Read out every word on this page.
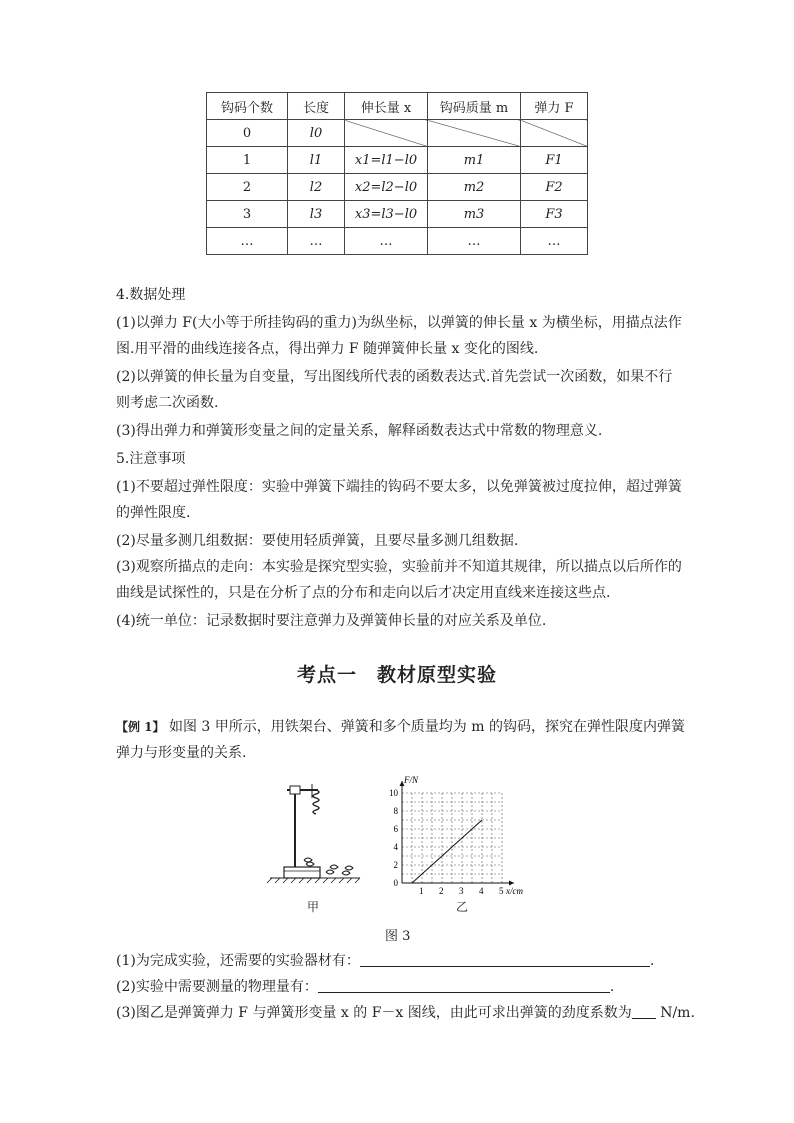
钩码个数	长度	伸长量 x	钩码质量 m	弹力 F
0	l0			
1	l1	x1=l1−l0	m1	F1
2	l2	x2=l2−l0	m2	F2
3	l3	x3=l3−l0	m3	F3
…	…	…	…	…
4.数据处理
(1)以弹力 F(大小等于所挂钩码的重力)为纵坐标，以弹簧的伸长量 x 为横坐标，用描点法作图.用平滑的曲线连接各点，得出弹力 F 随弹簧伸长量 x 变化的图线.
(2)以弹簧的伸长量为自变量，写出图线所代表的函数表达式.首先尝试一次函数，如果不行则考虑二次函数.
(3)得出弹力和弹簧形变量之间的定量关系，解释函数表达式中常数的物理意义.
5.注意事项
(1)不要超过弹性限度：实验中弹簧下端挂的钩码不要太多，以免弹簧被过度拉伸，超过弹簧的弹性限度.
(2)尽量多测几组数据：要使用轻质弹簧，且要尽量多测几组数据.
(3)观察所描点的走向：本实验是探究型实验，实验前并不知道其规律，所以描点以后所作的曲线是试探性的，只是在分析了点的分布和走向以后才决定用直线来连接这些点.
(4)统一单位：记录数据时要注意弹力及弹簧伸长量的对应关系及单位.
考点一 教材原型实验
【例 1】 如图 3 甲所示，用铁架台、弹簧和多个质量均为 m 的钩码，探究在弹性限度内弹簧弹力与形变量的关系.
甲
1 2 3 4 5
2
4
6
8
10
0
F/N
x/cm
乙
图 3
(1)为完成实验，还需要的实验器材有：	.
(2)实验中需要测量的物理量有：	.
(3)图乙是弹簧弹力 F 与弹簧形变量 x 的 F－x 图线，由此可求出弹簧的劲度系数为 N/m.
